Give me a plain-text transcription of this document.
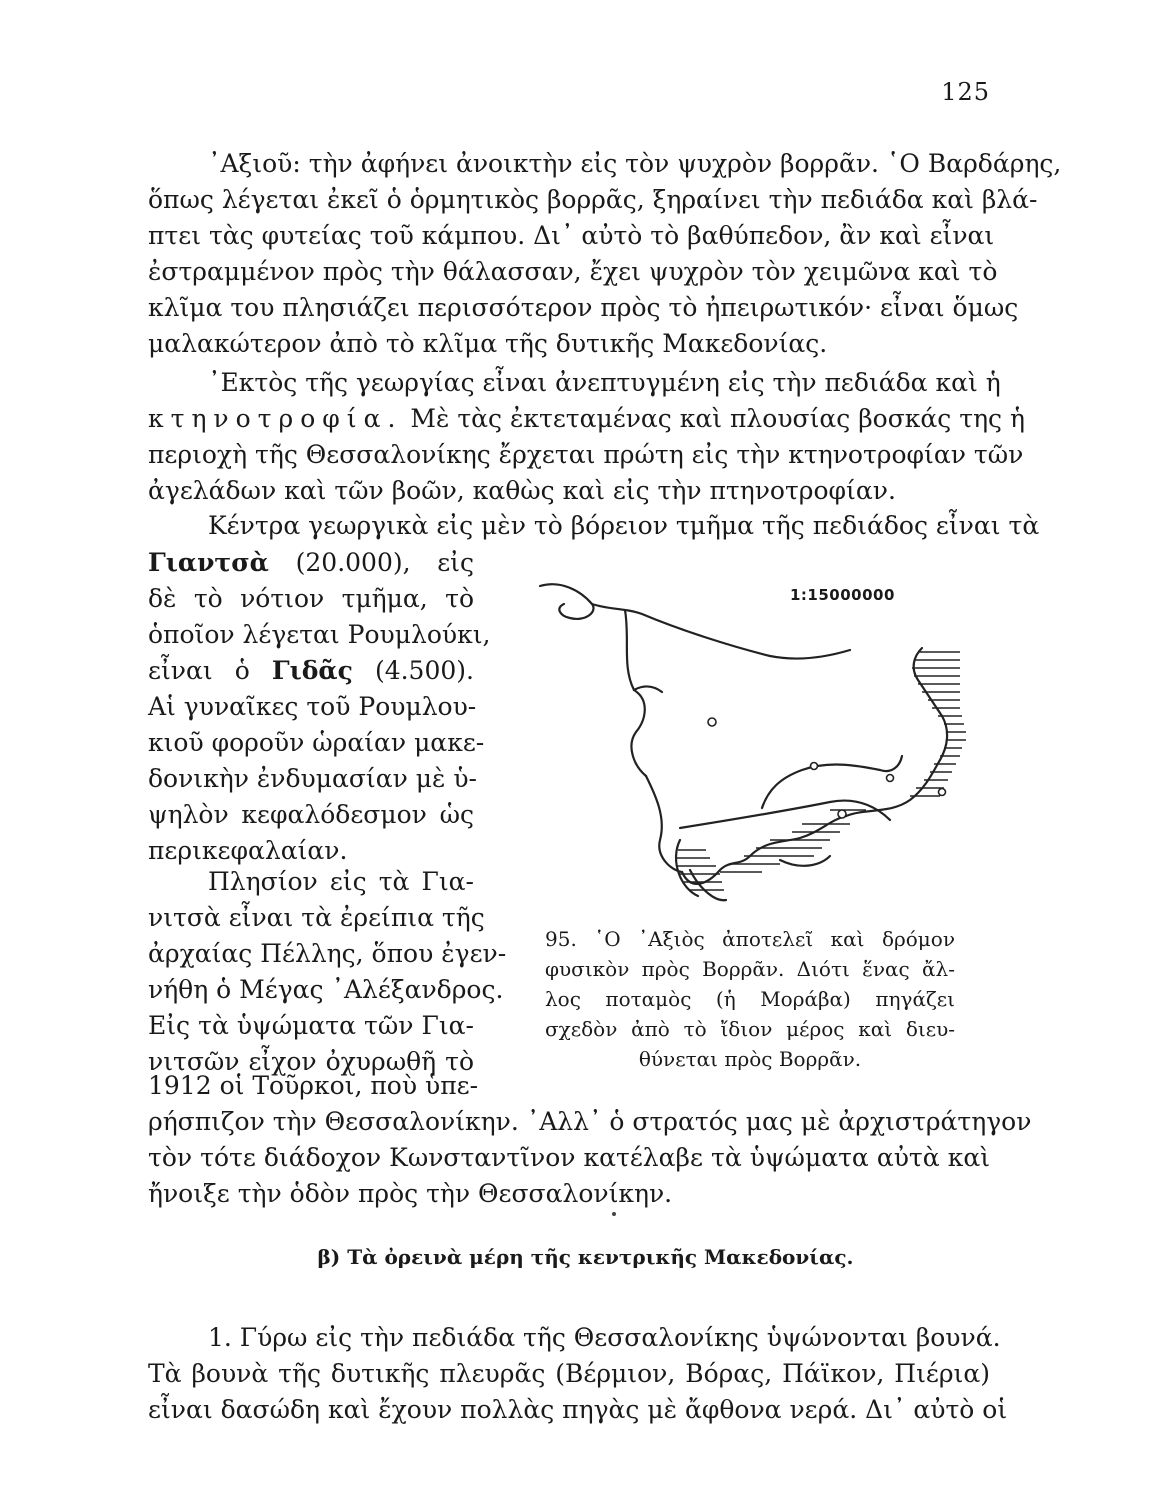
125
᾿Αξιοῦ: τὴν ἀφήνει ἀνοικτὴν εἰς τὸν ψυχρὸν βορρᾶν. ῾Ο Βαρδάρης,
ὅπως λέγεται ἐκεῖ ὁ ὁρμητικὸς βορρᾶς, ξηραίνει τὴν πεδιάδα καὶ βλά-
πτει τὰς φυτείας τοῦ κάμπου. Δι᾿ αὐτὸ τὸ βαθύπεδον, ἂν καὶ εἶναι
ἐστραμμένον πρὸς τὴν θάλασσαν, ἔχει ψυχρὸν τὸν χειμῶνα καὶ τὸ
κλῖμα του πλησιάζει περισσότερον πρὸς τὸ ἠπειρωτικόν· εἶναι ὅμως
μαλακώτερον ἀπὸ τὸ κλῖμα τῆς δυτικῆς Μακεδονίας.
᾿Εκτὸς τῆς γεωργίας εἶναι ἀνεπτυγμένη εἰς τὴν πεδιάδα καὶ ἡ
κτηνοτροφία. Μὲ τὰς ἐκτεταμένας καὶ πλουσίας βοσκάς της ἡ
περιοχὴ τῆς Θεσσαλονίκης ἔρχεται πρώτη εἰς τὴν κτηνοτροφίαν τῶν
ἀγελάδων καὶ τῶν βοῶν, καθὼς καὶ εἰς τὴν πτηνοτροφίαν.
Κέντρα γεωργικὰ εἰς μὲν τὸ βόρειον τμῆμα τῆς πεδιάδος εἶναι τὰ
Γιαντσὰ (20.000), εἰς
δὲ τὸ νότιον τμῆμα, τὸ
ὁποῖον λέγεται Ρουμλούκι,
εἶναι ὁ Γιδᾶς (4.500).
Αἱ γυναῖκες τοῦ Ρουμλου-
κιοῦ φοροῦν ὡραίαν μακε-
δονικὴν ἐνδυμασίαν μὲ ὑ-
ψηλὸν κεφαλόδεσμον ὡς
περικεφαλαίαν.
Πλησίον εἰς τὰ Για-
νιτσὰ εἶναι τὰ ἐρείπια τῆς
ἀρχαίας Πέλλης, ὅπου ἐγεν-
νήθη ὁ Μέγας ᾿Αλέξανδρος.
Εἰς τὰ ὑψώματα τῶν Για-
νιτσῶν εἶχον ὀχυρωθῆ τὸ
1:15000000
95. ῾Ο ᾿Αξιὸς ἀποτελεῖ καὶ δρόμον
φυσικὸν πρὸς Βορρᾶν. Διότι ἕνας ἄλ-
λος ποταμὸς (ἡ Μοράβα) πηγάζει
σχεδὸν ἀπὸ τὸ ἴδιον μέρος καὶ διευ-
θύνεται πρὸς Βορρᾶν.
1912 οἱ Τοῦρκοι, ποὺ ὑπε-
ρήσπιζον τὴν Θεσσαλονίκην. ᾿Αλλ᾿ ὁ στρατός μας μὲ ἀρχιστράτηγον
τὸν τότε διάδοχον Κωνσταντῖνον κατέλαβε τὰ ὑψώματα αὐτὰ καὶ
ἤνοιξε τὴν ὁδὸν πρὸς τὴν Θεσσαλονίκην.
β) Τὰ ὀρεινὰ μέρη τῆς κεντρικῆς Μακεδονίας.
1. Γύρω εἰς τὴν πεδιάδα τῆς Θεσσαλονίκης ὑψώνονται βουνά.
Τὰ βουνὰ τῆς δυτικῆς πλευρᾶς (Βέρμιον, Βόρας, Πάϊκον, Πιέρια)
εἶναι δασώδη καὶ ἔχουν πολλὰς πηγὰς μὲ ἄφθονα νερά. Δι᾿ αὐτὸ οἱ
